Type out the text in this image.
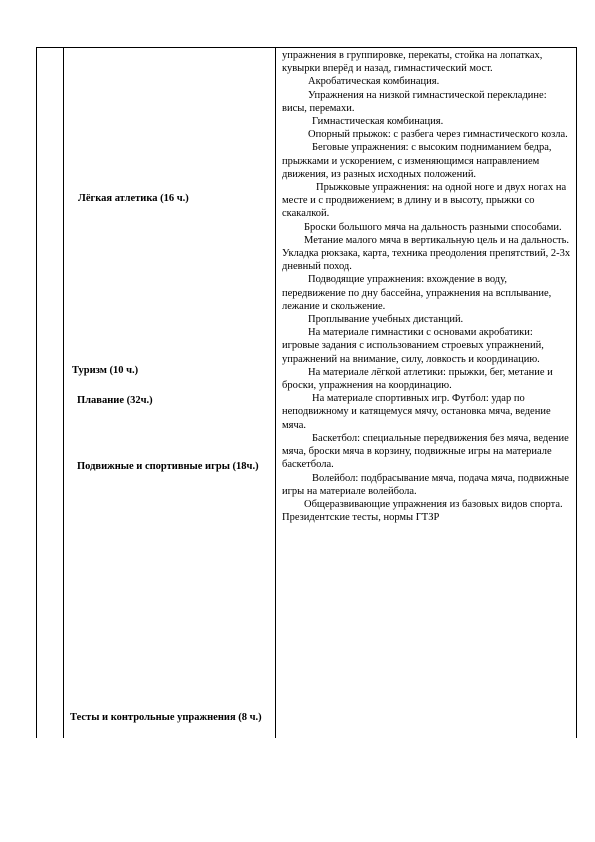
Лёгкая атлетика (16 ч.)
Туризм (10 ч.)
Плавание (32ч.)
Подвижные и спортивные игры (18ч.)
Тесты и контрольные упражнения (8 ч.)

упражнения в группировке, перекаты, стойка на лопатках, кувырки вперёд и назад, гимнастический мост.

Акробатическая комбинация.

Упражнения на низкой гимнастической перекладине: висы, перемахи.

Гимнастическая комбинация.

Опорный прыжок: с разбега через гимнастического козла.

Беговые упражнения: с высоким подниманием бедра, прыжками и ускорением, с изменяющимся направлением движения, из разных исходных положений.

Прыжковые упражнения: на одной ноге и двух ногах на месте и с продвижением; в длину и в высоту, прыжки со скакалкой.

Броски большого мяча на дальность разными способами.

Метание малого мяча в вертикальную цель и на дальность.

Укладка рюкзака, карта, техника преодоления препятствий, 2-3х дневный поход.

Подводящие упражнения: вхождение в воду, передвижение по дну бассейна, упражнения на всплывание, лежание и скольжение.

Проплывание учебных дистанций.

На материале гимнастики с основами акробатики: игровые задания с использованием строевых упражнений, упражнений на внимание, силу, ловкость и координацию.

На материале лёгкой атлетики: прыжки, бег, метание и броски, упражнения на координацию.

На материале спортивных игр. Футбол: удар по неподвижному и катящемуся мячу, остановка мяча, ведение мяча.

Баскетбол: специальные передвижения без мяча, ведение мяча, броски мяча в корзину, подвижные игры на материале баскетбола.

Волейбол: подбрасывание мяча, подача мяча, подвижные игры на материале волейбола.

Общеразвивающие упражнения из базовых видов спорта.

Президентские тесты, нормы ГТЗР
